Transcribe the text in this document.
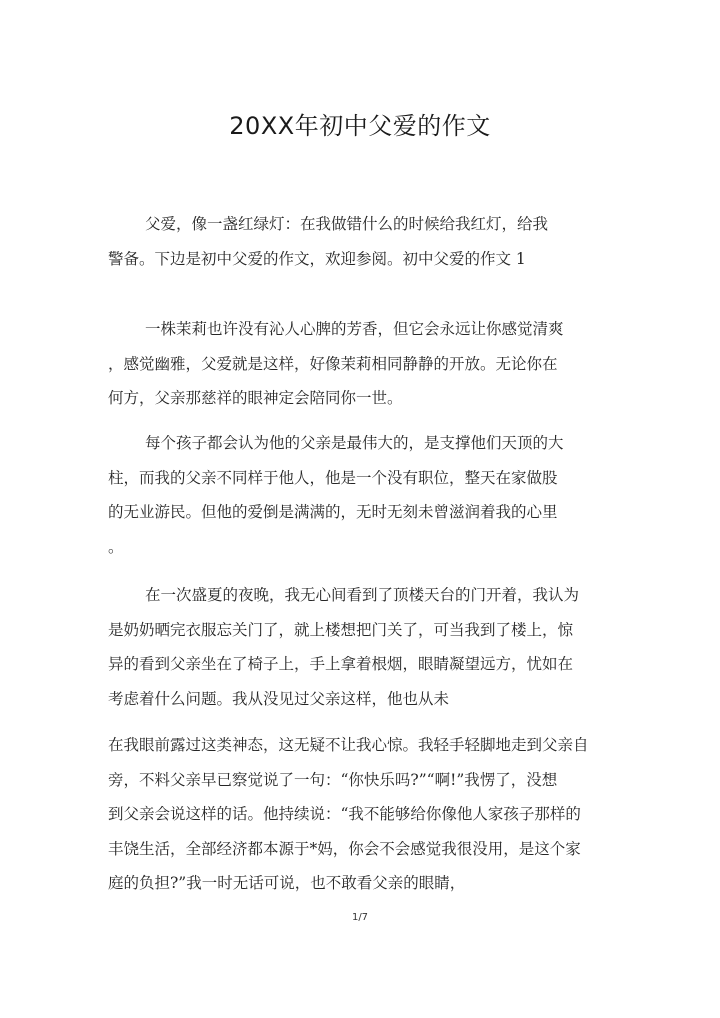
20XX年初中父爱的作文

父爱，像一盏红绿灯：在我做错什么的时候给我红灯，给我
警备。下边是初中父爱的作文，欢迎参阅。初中父爱的作文 1

一株茉莉也许没有沁人心脾的芳香，但它会永远让你感觉清爽
，感觉幽雅，父爱就是这样，好像茉莉相同静静的开放。无论你在
何方，父亲那慈祥的眼神定会陪同你一世。

每个孩子都会认为他的父亲是最伟大的，是支撑他们天顶的大
柱，而我的父亲不同样于他人，他是一个没有职位，整天在家做股
的无业游民。但他的爱倒是满满的，无时无刻未曾滋润着我的心里
。

在一次盛夏的夜晚，我无心间看到了顶楼天台的门开着，我认为
是奶奶晒完衣服忘关门了，就上楼想把门关了，可当我到了楼上，惊
异的看到父亲坐在了椅子上，手上拿着根烟，眼睛凝望远方，忧如在
考虑着什么问题。我从没见过父亲这样，他也从未

在我眼前露过这类神态，这无疑不让我心惊。我轻手轻脚地走到父亲自
旁，不料父亲早已察觉说了一句：“你快乐吗?”“啊!”我愣了，没想
到父亲会说这样的话。他持续说：“我不能够给你像他人家孩子那样的
丰饶生活，全部经济都本源于*妈，你会不会感觉我很没用，是这个家
庭的负担?”我一时无话可说，也不敢看父亲的眼睛，

1/7
